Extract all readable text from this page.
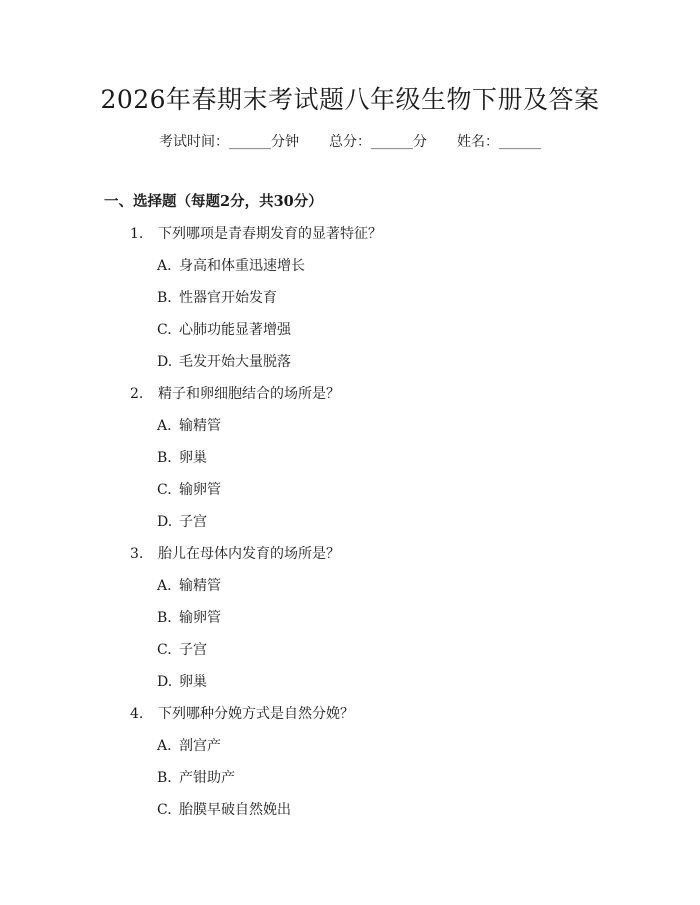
2026年春期末考试题八年级生物下册及答案
考试时间：______分钟 总分：______分 姓名：______
一、选择题（每题2分，共30分）
1. 下列哪项是青春期发育的显著特征？
A. 身高和体重迅速增长
B. 性器官开始发育
C. 心肺功能显著增强
D. 毛发开始大量脱落
2. 精子和卵细胞结合的场所是？
A. 输精管
B. 卵巢
C. 输卵管
D. 子宫
3. 胎儿在母体内发育的场所是？
A. 输精管
B. 输卵管
C. 子宫
D. 卵巢
4. 下列哪种分娩方式是自然分娩？
A. 剖宫产
B. 产钳助产
C. 胎膜早破自然娩出
